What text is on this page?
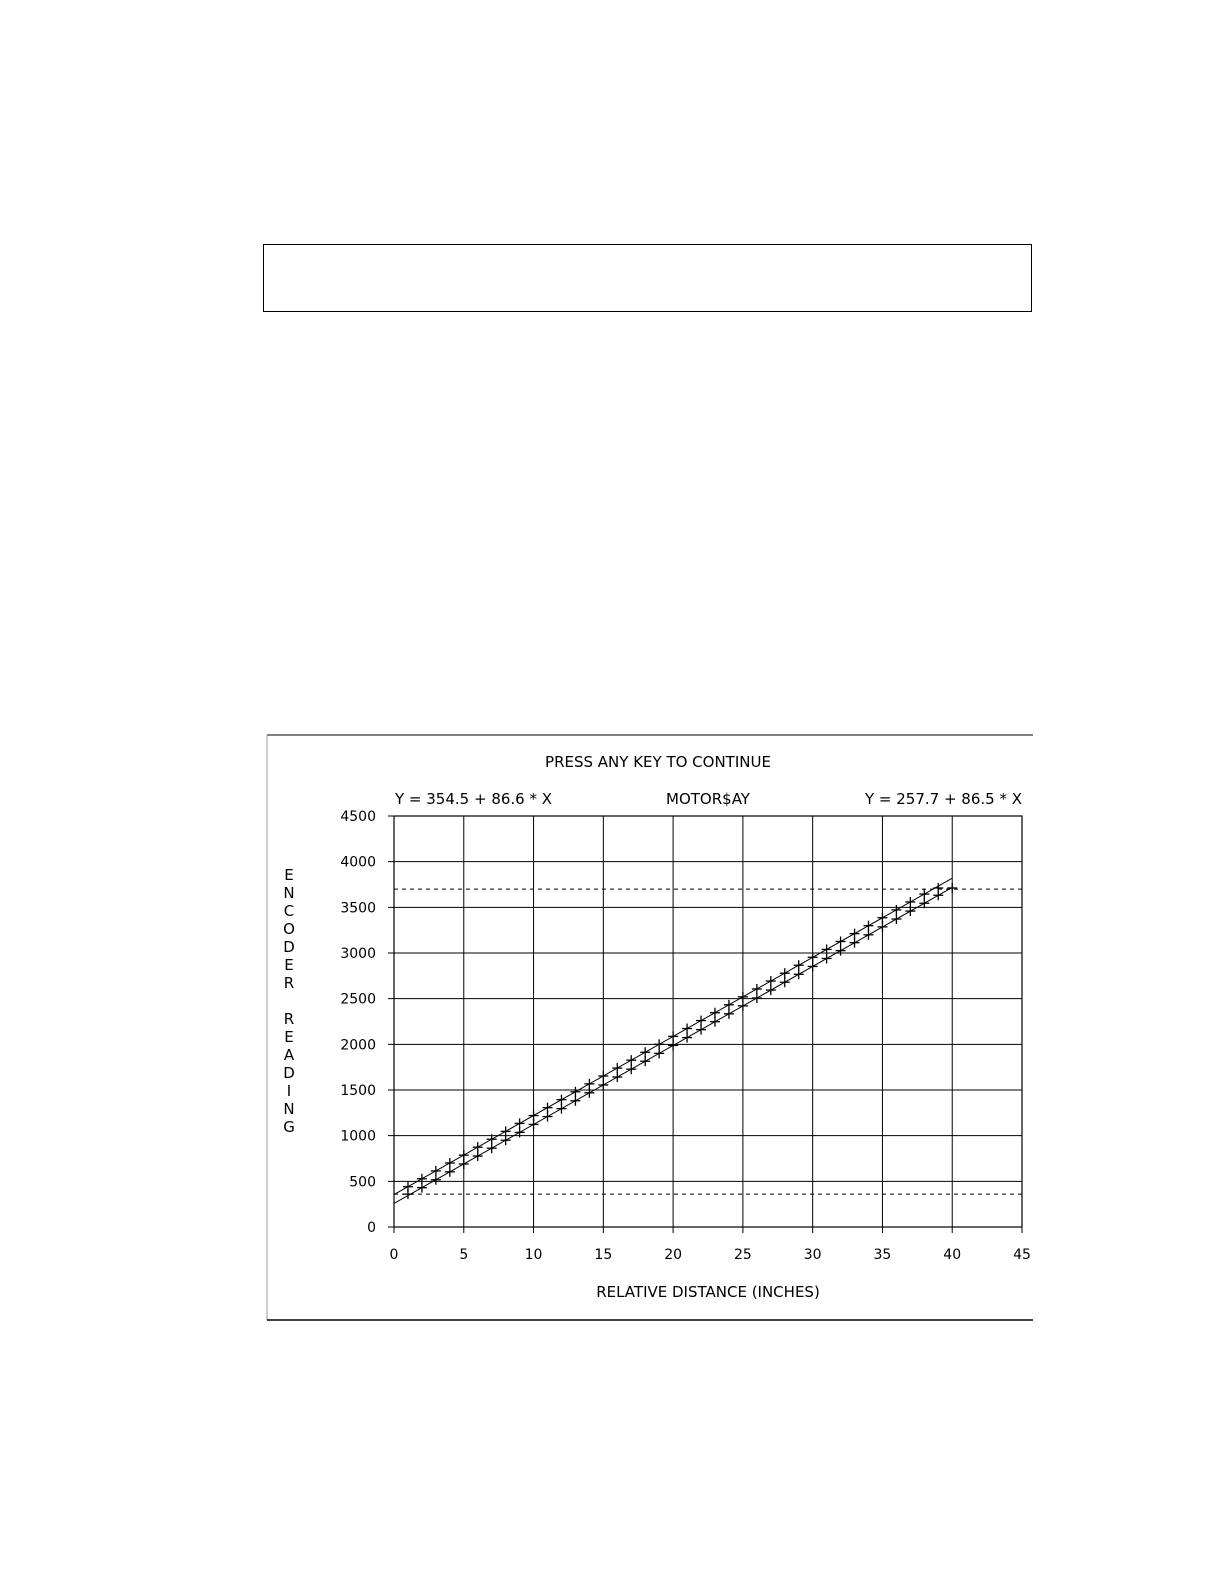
PRESS ANY KEY TO CONTINUE
Y = 354.5 + 86.6 * X	MOTOR$AY	Y = 257.7 + 86.5 * X
RELATIVE DISTANCE (INCHES)
0	5	10	15	20	25	30	35	40	45
0
500
1000
1500
2000
2500
3000
3500
4000
4500
E
N
C
O
D
E
R
R
E
A
D
I
N
G
